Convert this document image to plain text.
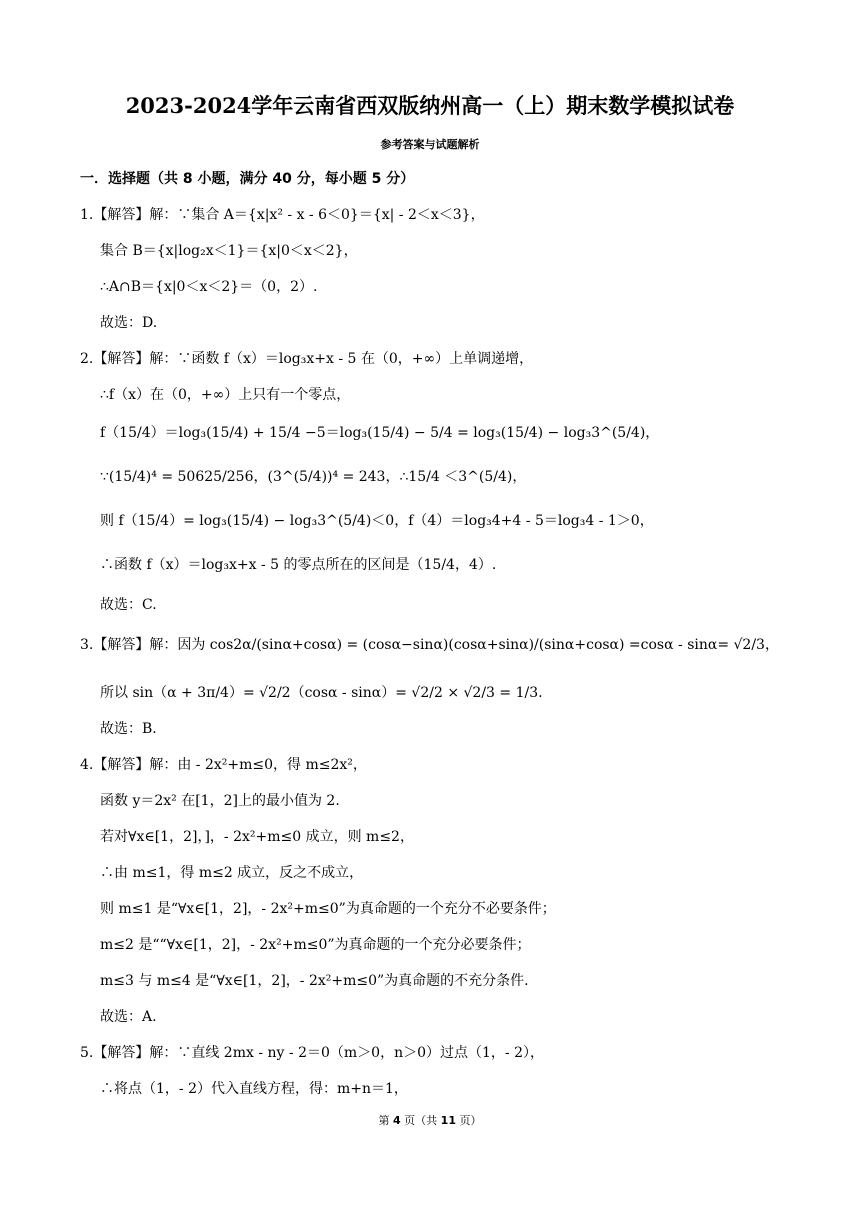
2023-2024学年云南省西双版纳州高一（上）期末数学模拟试卷
参考答案与试题解析
一．选择题（共 8 小题，满分 40 分，每小题 5 分）
1.【解答】解：∵集合 A＝{x|x² ‑ x ‑ 6＜0}＝{x| ‑ 2＜x＜3}，
集合 B＝{x|log₂x＜1}＝{x|0＜x＜2}，
∴A∩B＝{x|0＜x＜2}＝（0，2）.
故选：D.
2.【解答】解：∵函数 f（x）＝log₃x+x ‑ 5 在（0，+∞）上单调递增，
∴f（x）在（0，+∞）上只有一个零点，
f（15/4）＝log₃(15/4) + 15/4 −5＝log₃(15/4) − 5/4 = log₃(15/4) − log₃3^(5/4)，
∵(15/4)⁴ = 50625/256，(3^(5/4))⁴ = 243，∴15/4 ＜3^(5/4)，
则 f（15/4）= log₃(15/4) − log₃3^(5/4)＜0，f（4）＝log₃4+4 ‑ 5＝log₃4 ‑ 1＞0，
∴函数 f（x）＝log₃x+x ‑ 5 的零点所在的区间是（15/4，4）.
故选：C.
3.【解答】解：因为 cos2α/(sinα+cosα) = (cosα−sinα)(cosα+sinα)/(sinα+cosα) =cosα ‑ sinα= √2/3，
所以 sin（α + 3π/4）= √2/2（cosα ‑ sinα）= √2/2 × √2/3 = 1/3.
故选：B.
4.【解答】解：由 ‑ 2x²+m≤0，得 m≤2x²，
函数 y＝2x² 在[1，2]上的最小值为 2.
若对∀x∈[1，2]，]，‑ 2x²+m≤0 成立，则 m≤2，
∴由 m≤1，得 m≤2 成立，反之不成立，
则 m≤1 是“∀x∈[1，2]，‑ 2x²+m≤0”为真命题的一个充分不必要条件；
m≤2 是““∀x∈[1，2]，‑ 2x²+m≤0”为真命题的一个充分必要条件；
m≤3 与 m≤4 是“∀x∈[1，2]，‑ 2x²+m≤0”为真命题的不充分条件.
故选：A.
5.【解答】解：∵直线 2mx ‑ ny ‑ 2＝0（m＞0，n＞0）过点（1，‑ 2），
∴将点（1，‑ 2）代入直线方程，得：m+n＝1，
第 4 页（共 11 页）
